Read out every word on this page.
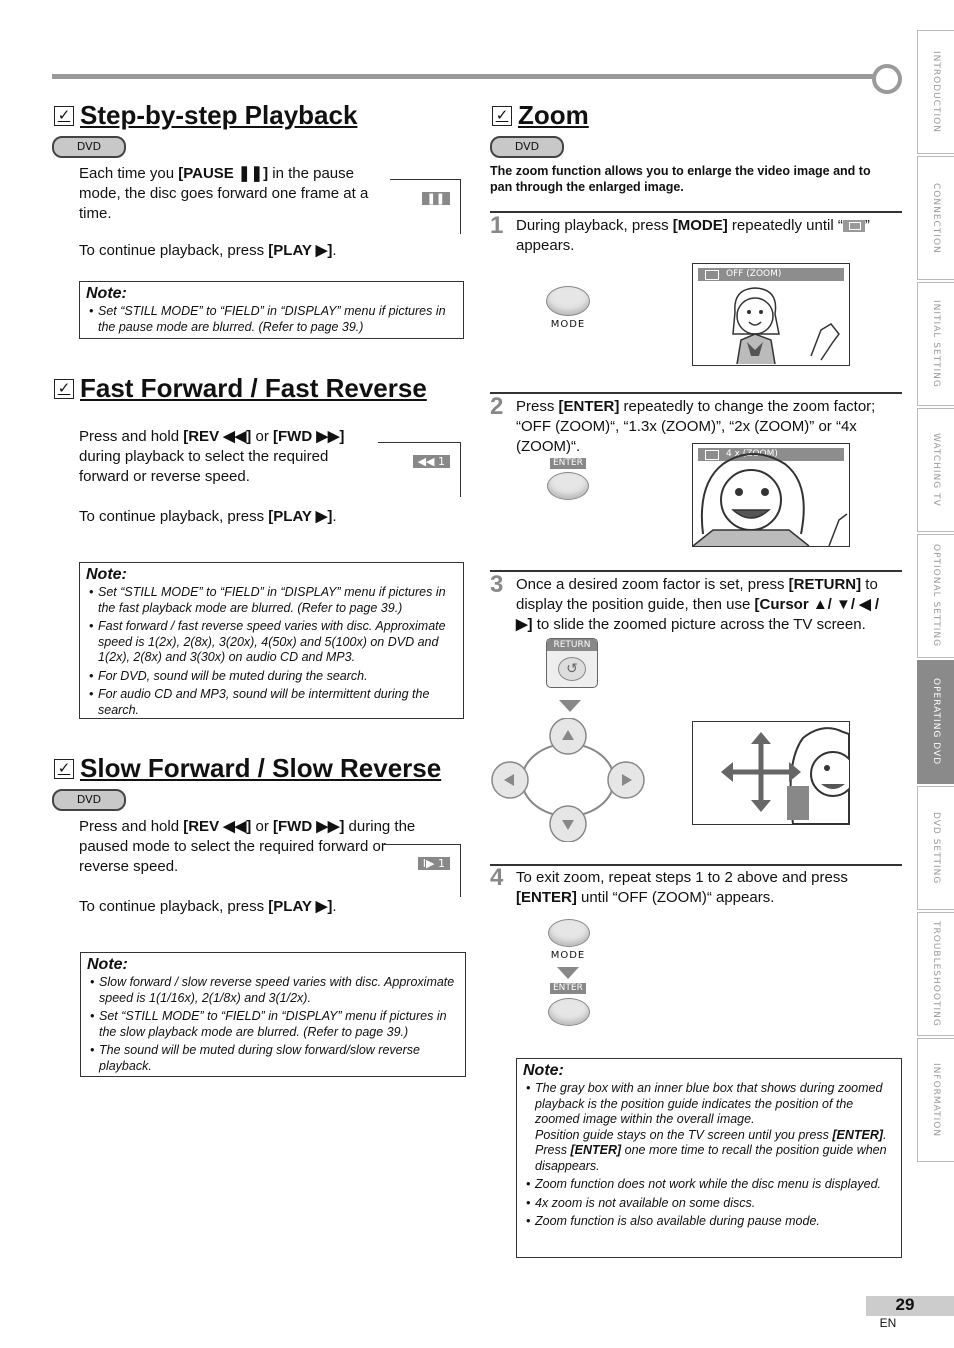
INTRODUCTION
CONNECTION
INITIAL SETTING
WATCHING TV
OPTIONAL SETTING
OPERATING DVD
DVD SETTING
TROUBLESHOOTING
INFORMATION
✓ Step-by-step Playback
DVD
Each time you [PAUSE ❚❚] in the pause mode, the disc goes forward one frame at a time.
To continue playback, press [PLAY ▶].
❚❚
Note:
• Set “STILL MODE” to “FIELD” in “DISPLAY” menu if pictures in the pause mode are blurred. (Refer to page 39.)
✓ Fast Forward / Fast Reverse
Press and hold [REV ◀◀] or [FWD ▶▶] during playback to select the required forward or reverse speed.
To continue playback, press [PLAY ▶].
◀◀ 1
Note:
• Set “STILL MODE” to “FIELD” in “DISPLAY” menu if pictures in the fast playback mode are blurred. (Refer to page 39.)
• Fast forward / fast reverse speed varies with disc. Approximate speed is 1(2x), 2(8x), 3(20x), 4(50x) and 5(100x) on DVD and 1(2x), 2(8x) and 3(30x) on audio CD and MP3.
• For DVD, sound will be muted during the search.
• For audio CD and MP3, sound will be intermittent during the search.
✓ Slow Forward / Slow Reverse
DVD
Press and hold [REV ◀◀] or [FWD ▶▶] during the paused mode to select the required forward or reverse speed.
To continue playback, press [PLAY ▶].
I▶ 1
Note:
• Slow forward / slow reverse speed varies with disc. Approximate speed is 1(1/16x), 2(1/8x) and 3(1/2x).
• Set “STILL MODE” to “FIELD” in “DISPLAY” menu if pictures in the slow playback mode are blurred. (Refer to page 39.)
• The sound will be muted during slow forward/slow reverse playback.
✓ Zoom
DVD
The zoom function allows you to enlarge the video image and to pan through the enlarged image.
1 During playback, press [MODE] repeatedly until “ ” appears.
MODE
OFF (ZOOM)
2 Press [ENTER] repeatedly to change the zoom factor; “OFF (ZOOM)“, “1.3x (ZOOM)”, “2x (ZOOM)” or “4x (ZOOM)“.
ENTER
4 x (ZOOM)
3 Once a desired zoom factor is set, press [RETURN] to display the position guide, then use [Cursor ▲/ ▼/ ◀ / ▶] to slide the zoomed picture across the TV screen.
RETURN
↺
4 To exit zoom, repeat steps 1 to 2 above and press [ENTER] until “OFF (ZOOM)“ appears.
MODE
ENTER
Note:
• The gray box with an inner blue box that shows during zoomed playback is the position guide indicates the position of the zoomed image within the overall image.
Position guide stays on the TV screen until you press [ENTER]. Press [ENTER] one more time to recall the position guide when disappears.
• Zoom function does not work while the disc menu is displayed.
• 4x zoom is not available on some discs.
• Zoom function is also available during pause mode.
29
EN
